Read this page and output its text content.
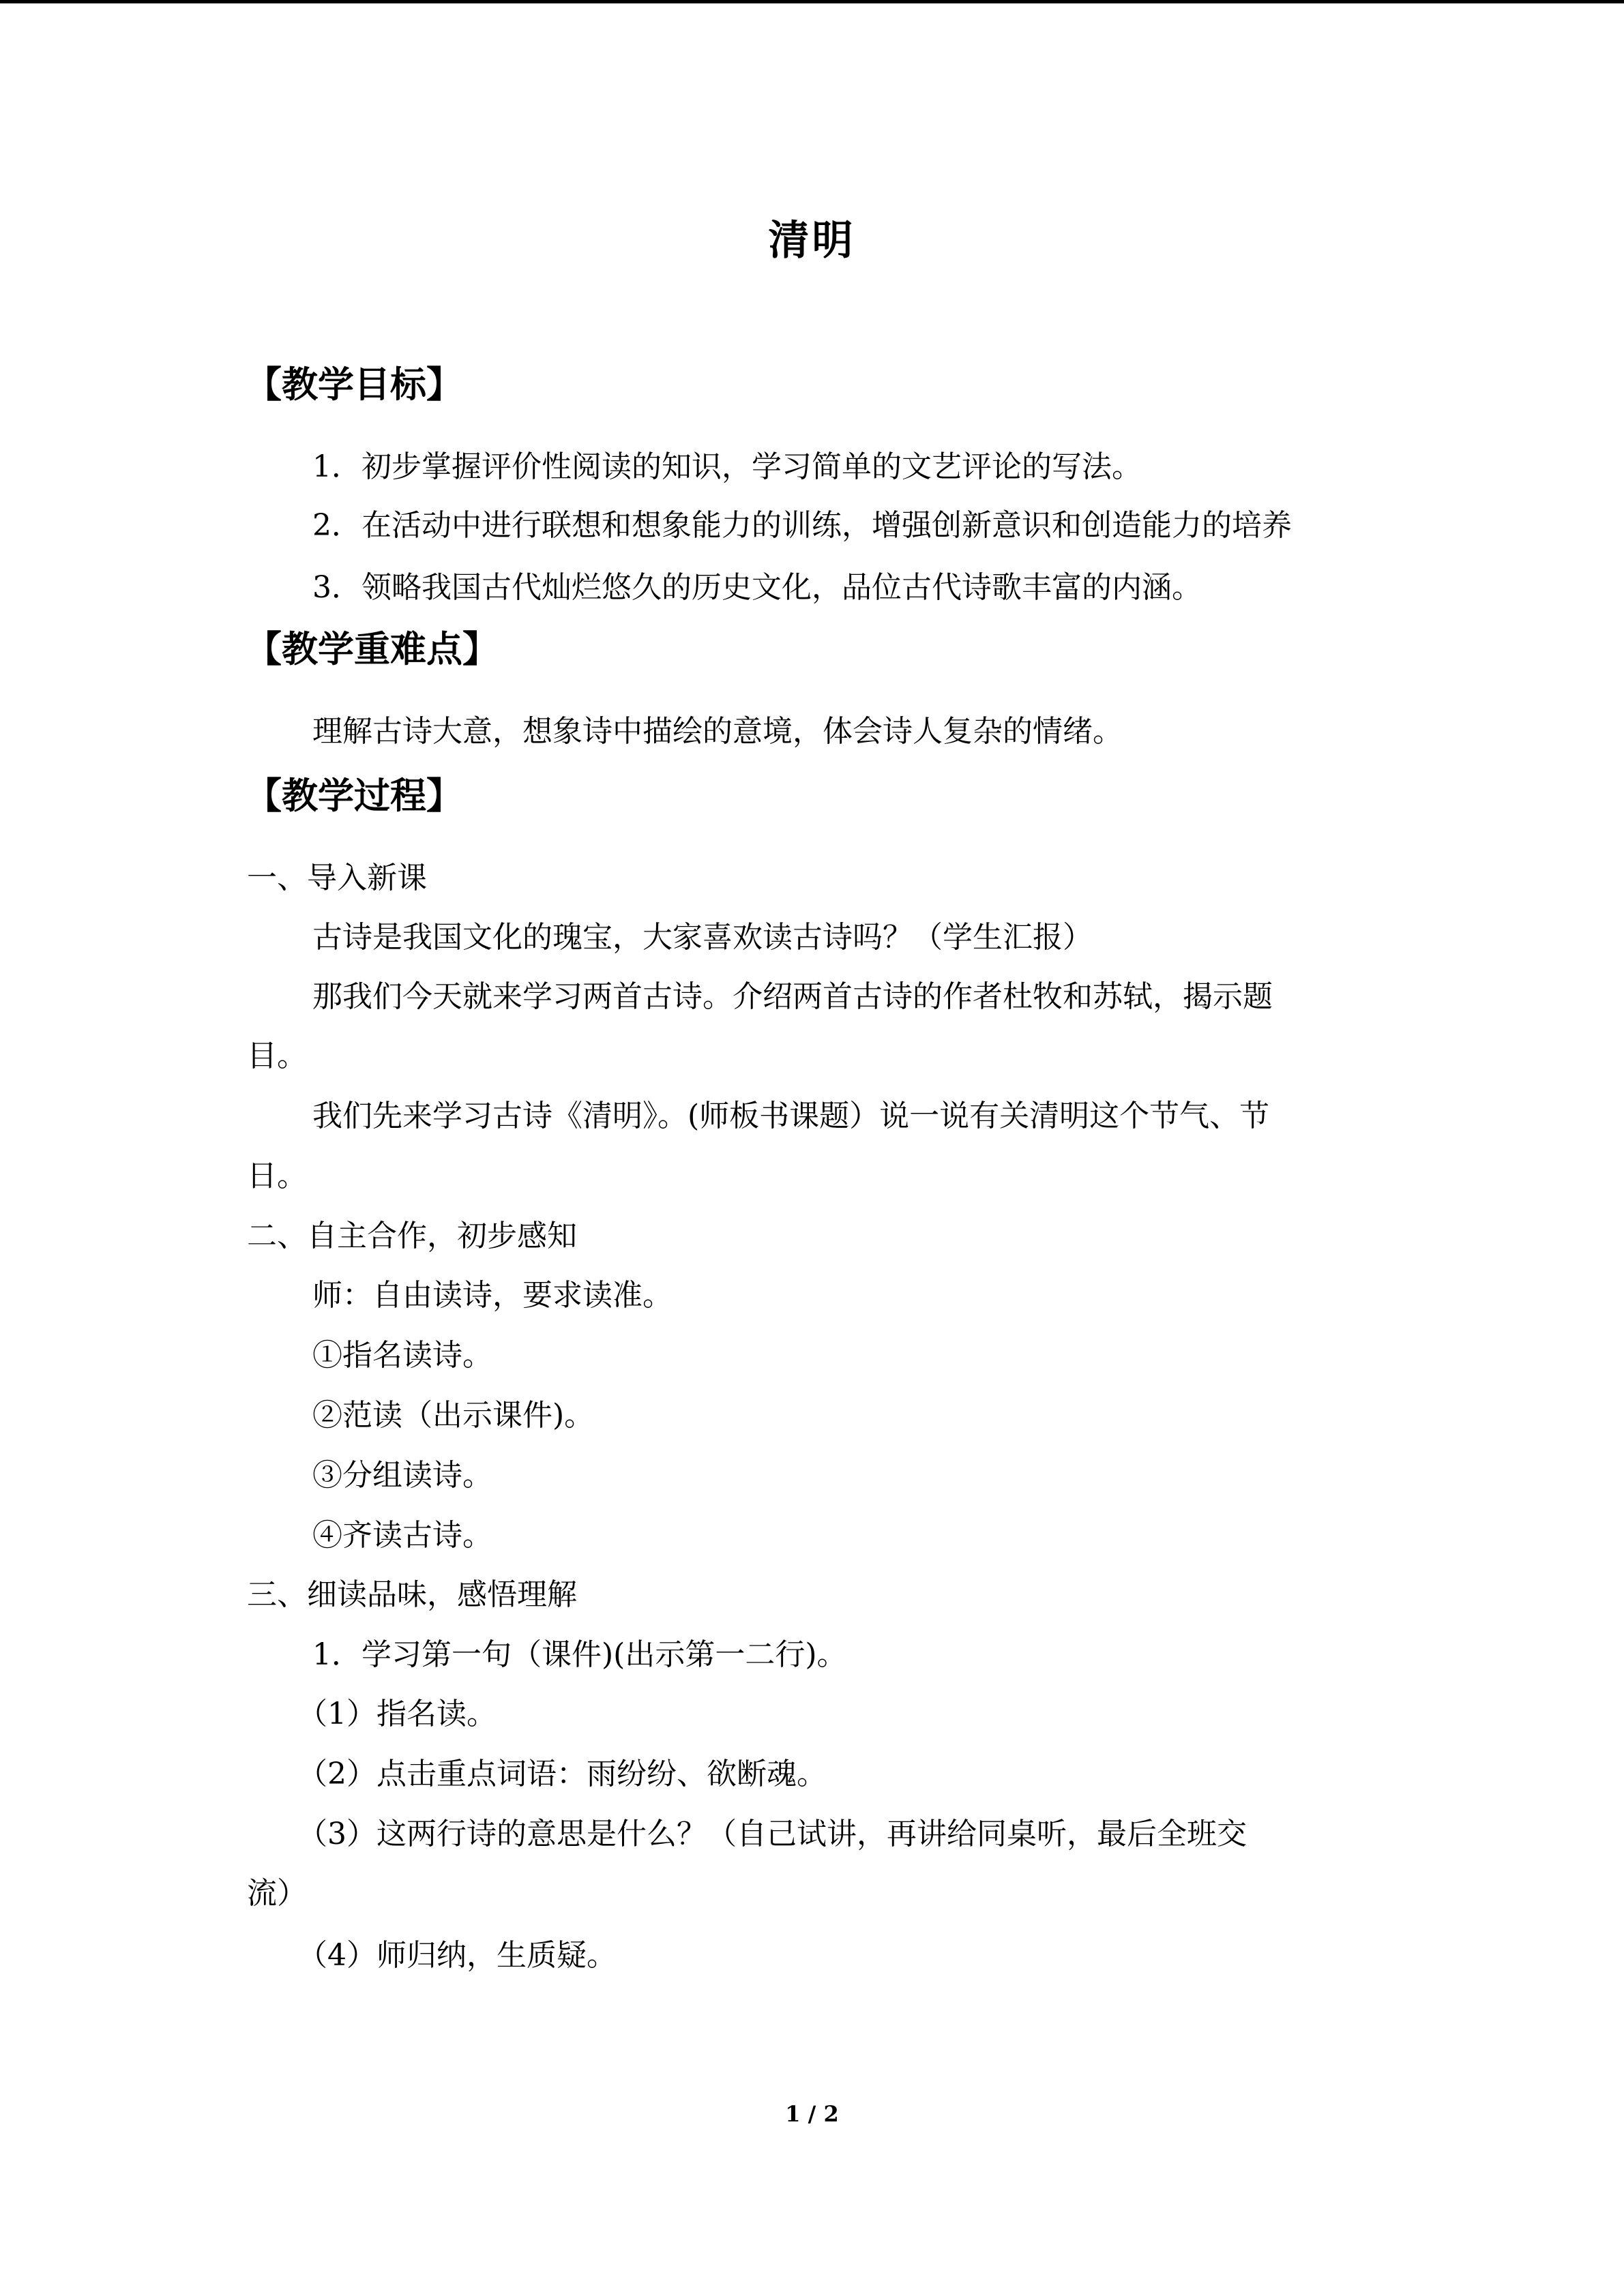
清明
【教学目标】
1．初步掌握评价性阅读的知识，学习简单的文艺评论的写法。
2．在活动中进行联想和想象能力的训练，增强创新意识和创造能力的培养
3．领略我国古代灿烂悠久的历史文化，品位古代诗歌丰富的内涵。
【教学重难点】
理解古诗大意，想象诗中描绘的意境，体会诗人复杂的情绪。
【教学过程】
一、导入新课
古诗是我国文化的瑰宝，大家喜欢读古诗吗？（学生汇报）
那我们今天就来学习两首古诗。介绍两首古诗的作者杜牧和苏轼，揭示题
目。
我们先来学习古诗《清明》。(师板书课题）说一说有关清明这个节气、节
日。
二、自主合作，初步感知
师：自由读诗，要求读准。
①指名读诗。
②范读（出示课件)。
③分组读诗。
④齐读古诗。
三、细读品味，感悟理解
1．学习第一句（课件)(出示第一二行)。
（1）指名读。
（2）点击重点词语：雨纷纷、欲断魂。
（3）这两行诗的意思是什么？（自己试讲，再讲给同桌听，最后全班交
流）
（4）师归纳，生质疑。
1 / 2
